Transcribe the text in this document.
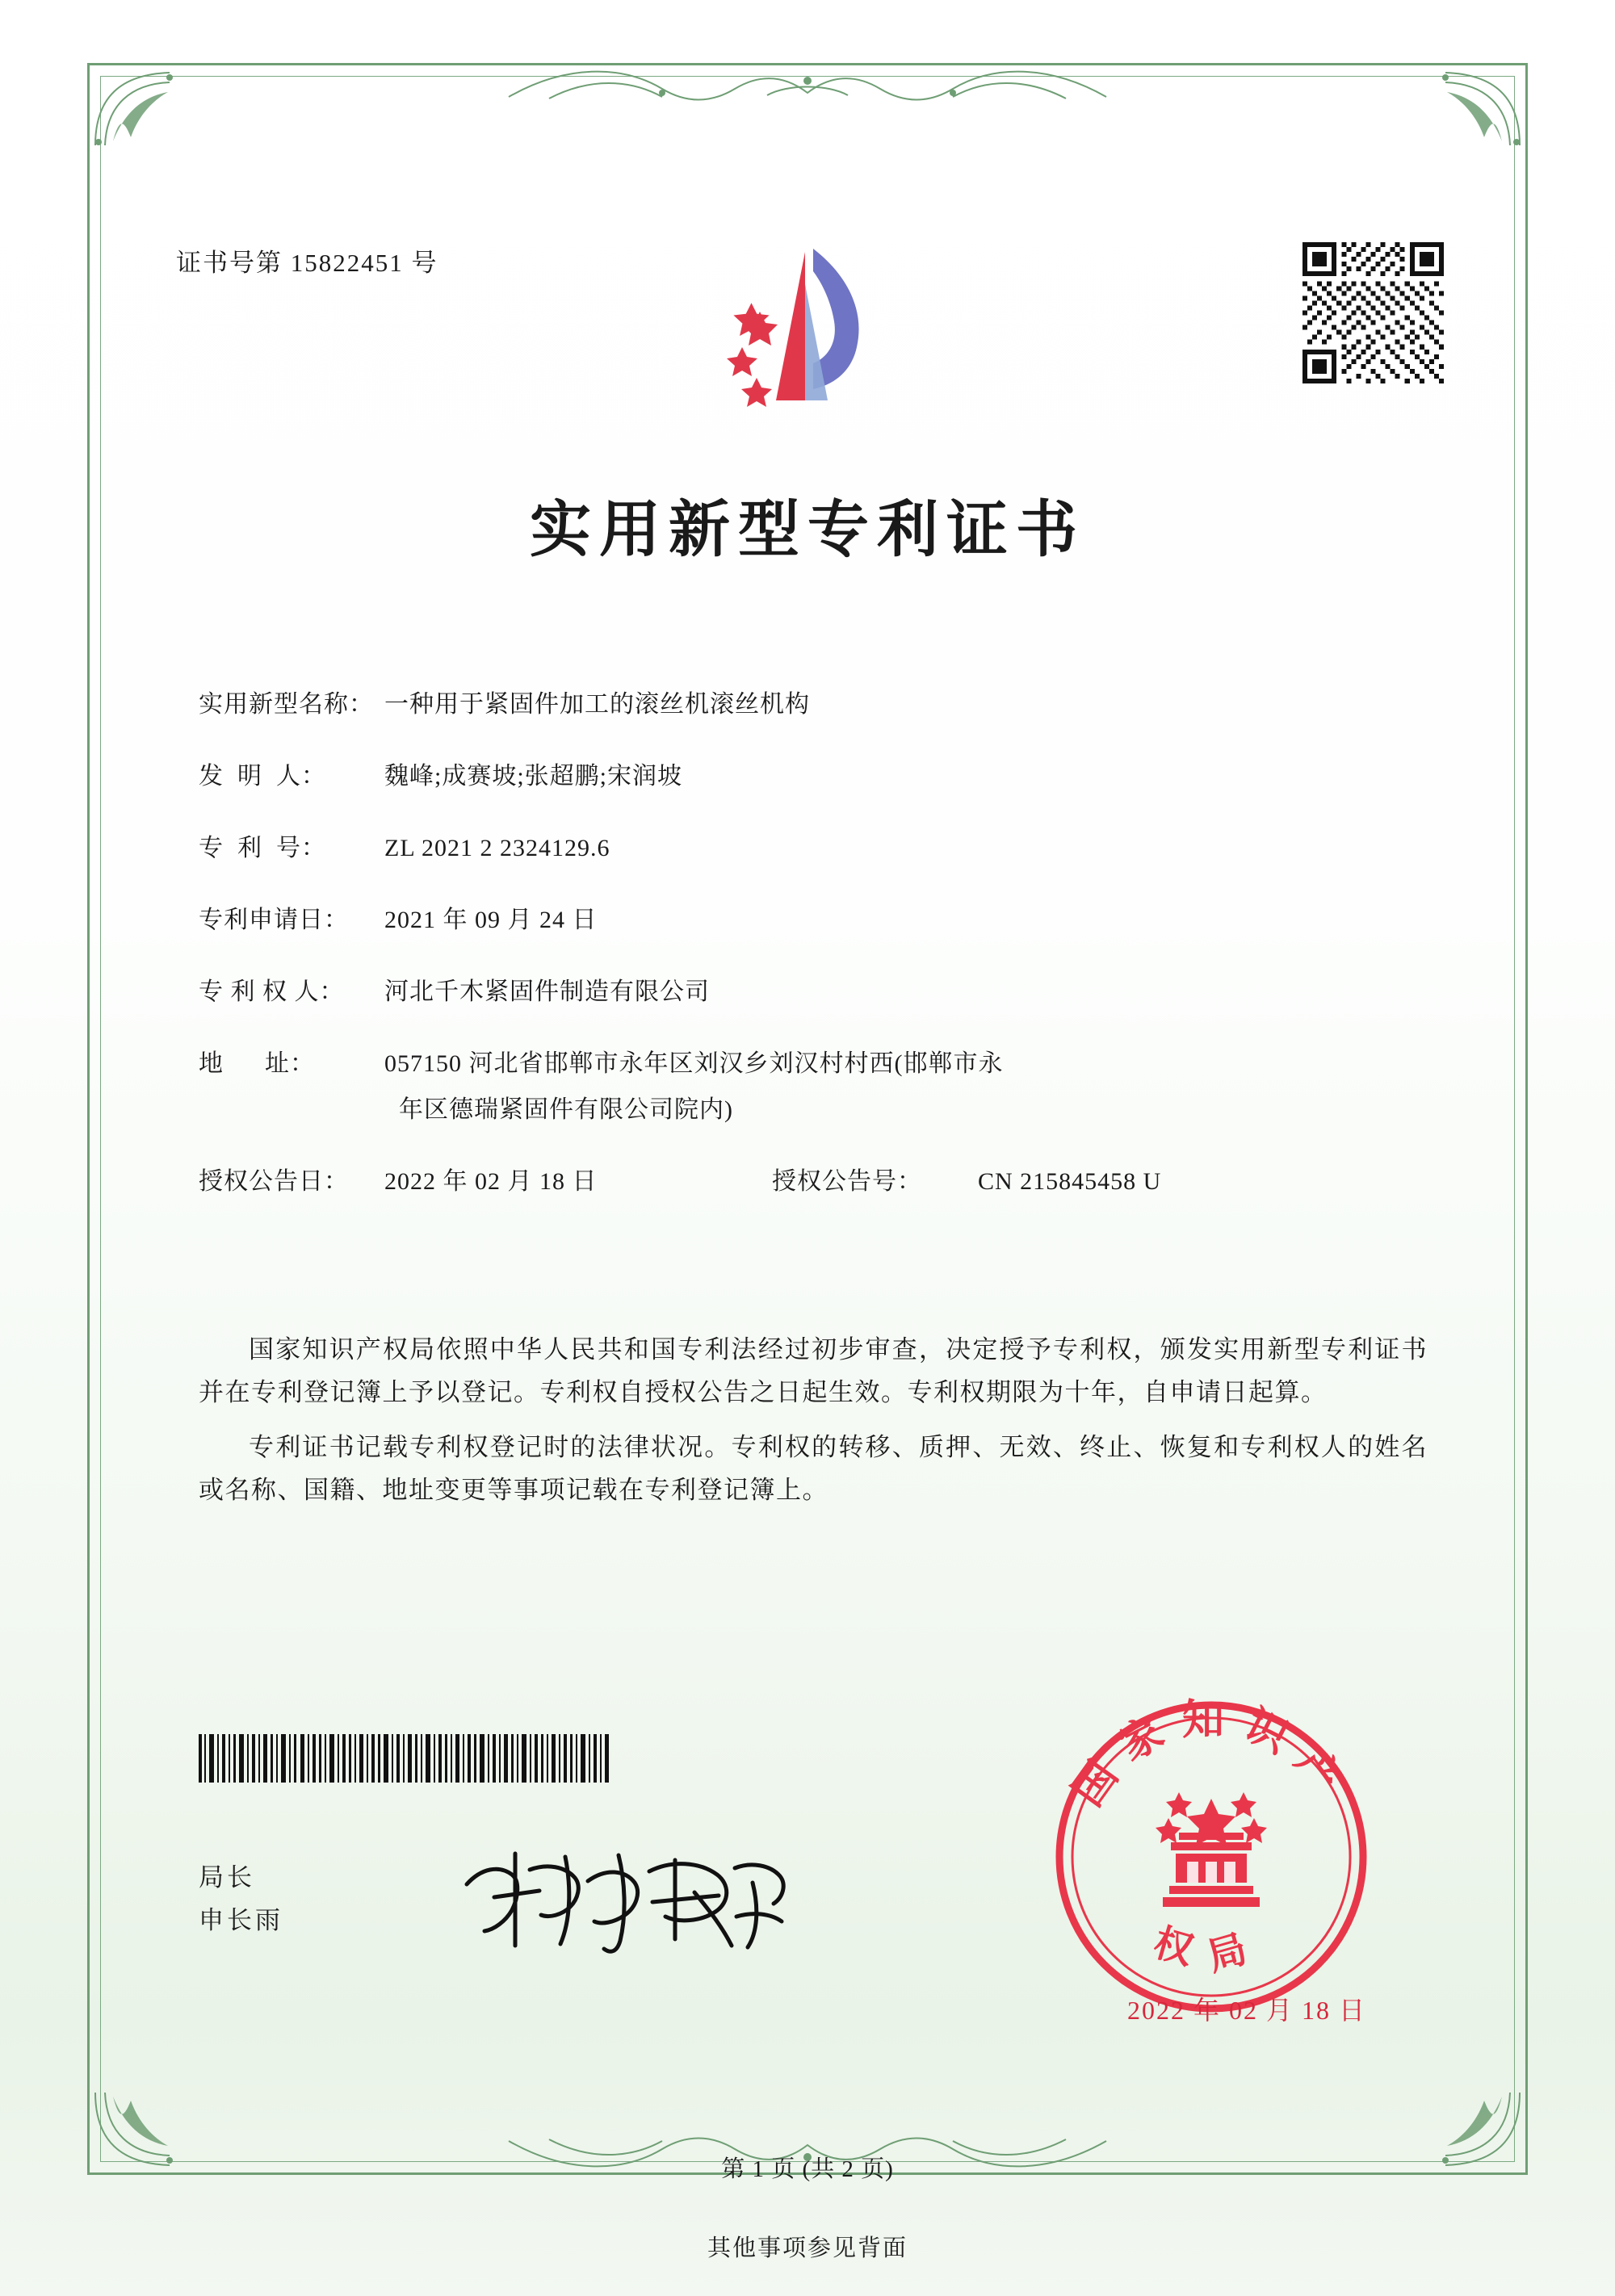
证书号第 15822451 号
实用新型专利证书
实用新型名称： 一种用于紧固件加工的滚丝机滚丝机构
发  明  人：	魏峰;成赛坡;张超鹏;宋润坡
专  利  号：	ZL 2021 2 2324129.6
专利申请日：	2021 年 09 月 24 日
专 利 权 人：	河北千木紧固件制造有限公司
地      址：	057150 河北省邯郸市永年区刘汉乡刘汉村村西(邯郸市永
年区德瑞紧固件有限公司院内)
授权公告日：	2022 年 02 月 18 日	授权公告号：	CN 215845458 U

国家知识产权局依照中华人民共和国专利法经过初步审查，决定授予专利权，颁发实用新型专利证书并在专利登记簿上予以登记。专利权自授权公告之日起生效。专利权期限为十年，自申请日起算。

专利证书记载专利权登记时的法律状况。专利权的转移、质押、无效、终止、恢复和专利权人的姓名或名称、国籍、地址变更等事项记载在专利登记簿上。

局长
申长雨
国家知识产
权局
2022 年 02 月 18 日
第 1 页 (共 2 页)
其他事项参见背面
